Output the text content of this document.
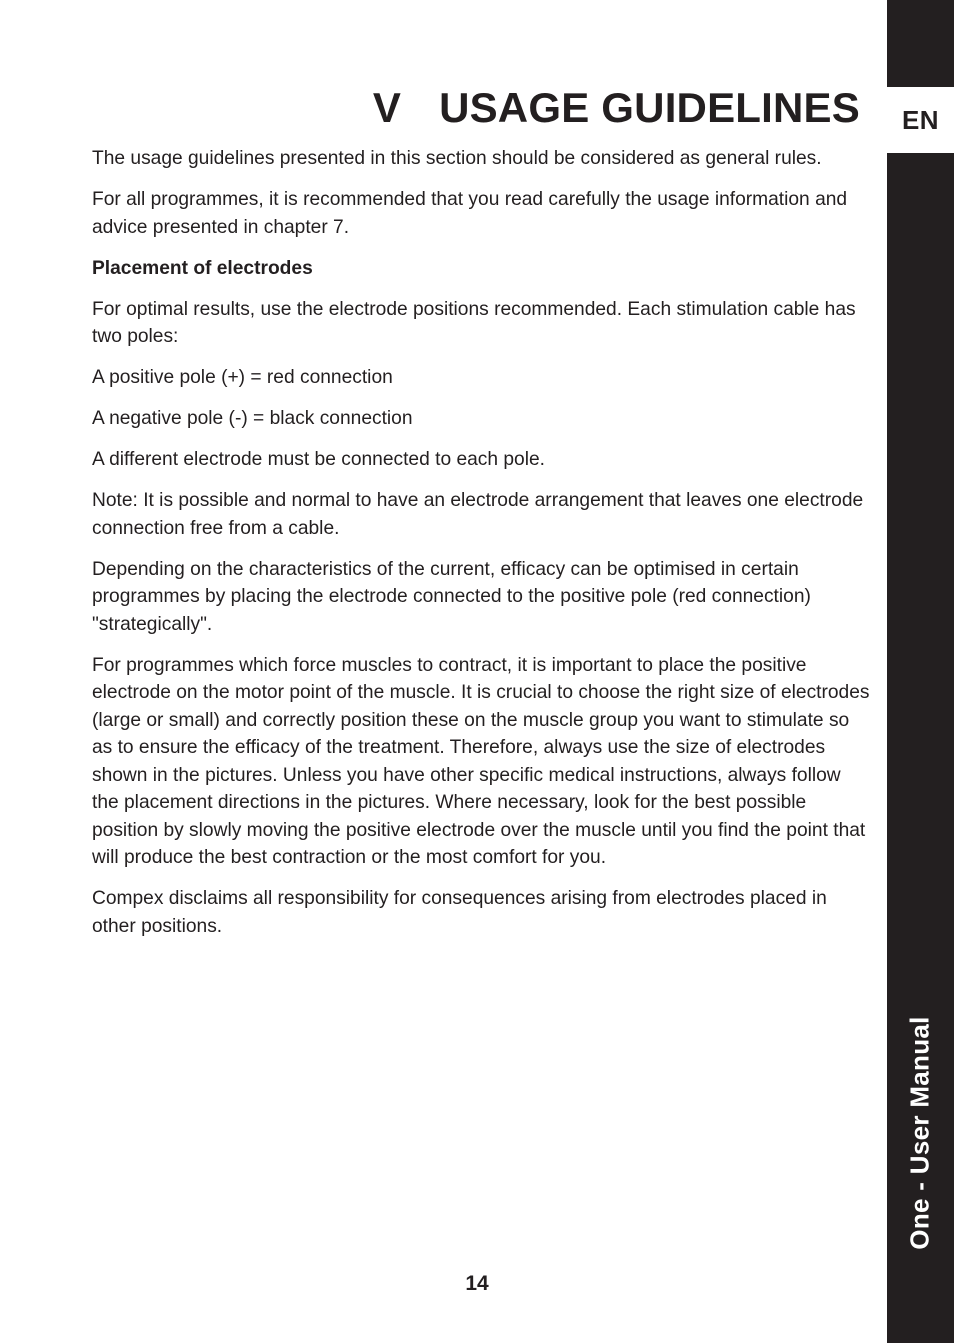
EN
One - User Manual
V USAGE GUIDELINES

The usage guidelines presented in this section should be considered as general rules.

For all programmes, it is recommended that you read carefully the usage information and advice presented in chapter 7.

Placement of electrodes

For optimal results, use the electrode positions recommended. Each stimulation cable has two poles:

A positive pole (+) = red connection

A negative pole (-) = black connection

A different electrode must be connected to each pole.

Note: It is possible and normal to have an electrode arrangement that leaves one electrode connection free from a cable.

Depending on the characteristics of the current, efficacy can be optimised in certain programmes by placing the electrode connected to the positive pole (red connection) "strategically".

For programmes which force muscles to contract, it is important to place the positive electrode on the motor point of the muscle. It is crucial to choose the right size of electrodes (large or small) and correctly position these on the muscle group you want to stimulate so as to ensure the efficacy of the treatment. Therefore, always use the size of electrodes shown in the pictures. Unless you have other specific medical instructions, always follow the placement directions in the pictures. Where necessary, look for the best possible position by slowly moving the positive electrode over the muscle until you find the point that will produce the best contraction or the most comfort for you.

Compex disclaims all responsibility for consequences arising from electrodes placed in other positions.

14
